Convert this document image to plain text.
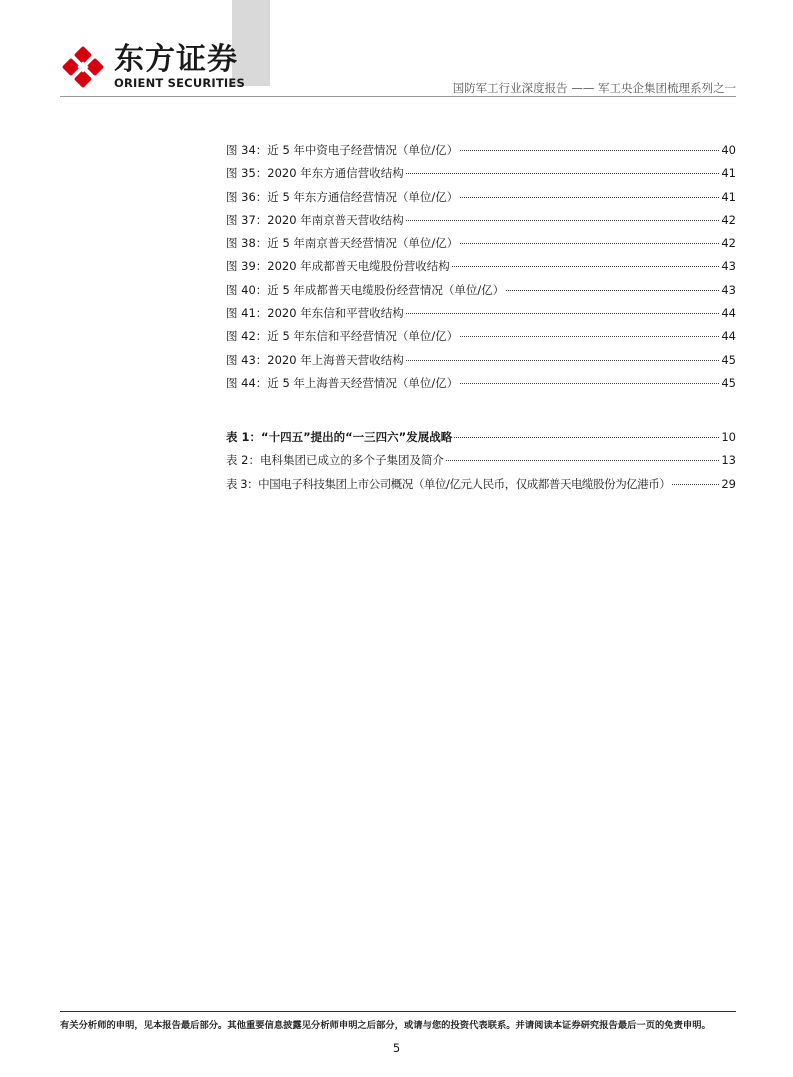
东方证券
ORIENT SECURITIES	国防军工行业深度报告 —— 军工央企集团梳理系列之一
图 34：近 5 年中资电子经营情况（单位/亿）	40
图 35：2020 年东方通信营收结构	41
图 36：近 5 年东方通信经营情况（单位/亿）	41
图 37：2020 年南京普天营收结构	42
图 38：近 5 年南京普天经营情况（单位/亿）	42
图 39：2020 年成都普天电缆股份营收结构	43
图 40：近 5 年成都普天电缆股份经营情况（单位/亿）	43
图 41：2020 年东信和平营收结构	44
图 42：近 5 年东信和平经营情况（单位/亿）	44
图 43：2020 年上海普天营收结构	45
图 44：近 5 年上海普天经营情况（单位/亿）	45
表 1：“十四五”提出的“一三四六”发展战略	10
表 2：电科集团已成立的多个子集团及简介	13
表 3：中国电子科技集团上市公司概况（单位/亿元人民币，仅成都普天电缆股份为亿港币）	29
有关分析师的申明，见本报告最后部分。其他重要信息披露见分析师申明之后部分，或请与您的投资代表联系。并请阅读本证券研究报告最后一页的免责申明。
5
